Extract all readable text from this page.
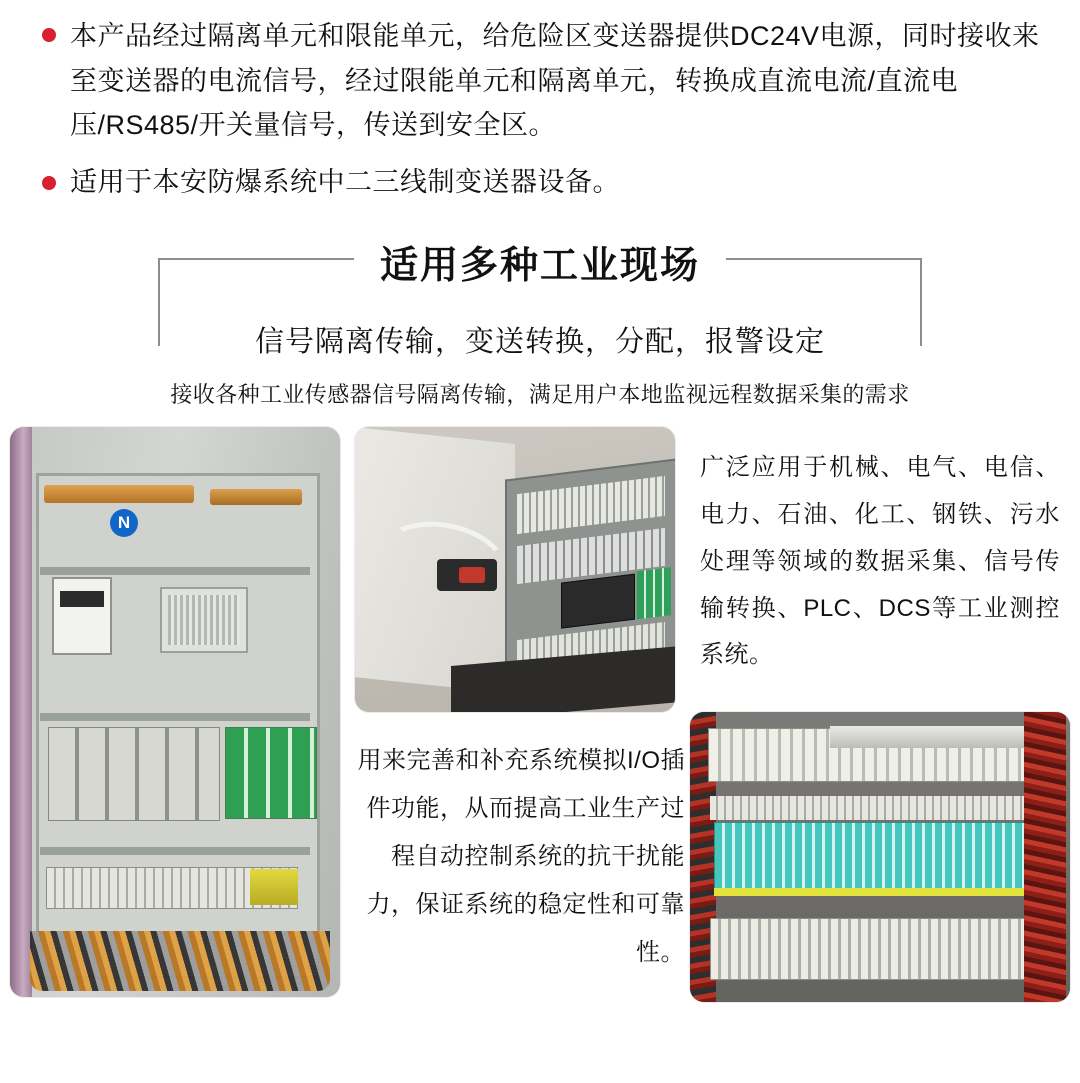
本产品经过隔离单元和限能单元，给危险区变送器提供DC24V电源，同时接收来至变送器的电流信号，经过限能单元和隔离单元，转换成直流电流/直流电压/RS485/开关量信号，传送到安全区。
适用于本安防爆系统中二三线制变送器设备。
适用多种工业现场
信号隔离传输，变送转换，分配，报警设定
接收各种工业传感器信号隔离传输，满足用户本地监视远程数据采集的需求
N
广泛应用于机械、电气、电信、电力、石油、化工、钢铁、污水处理等领域的数据采集、信号传输转换、PLC、DCS等工业测控系统。
用来完善和补充系统模拟I/O插件功能，从而提高工业生产过程自动控制系统的抗干扰能力，保证系统的稳定性和可靠性。
